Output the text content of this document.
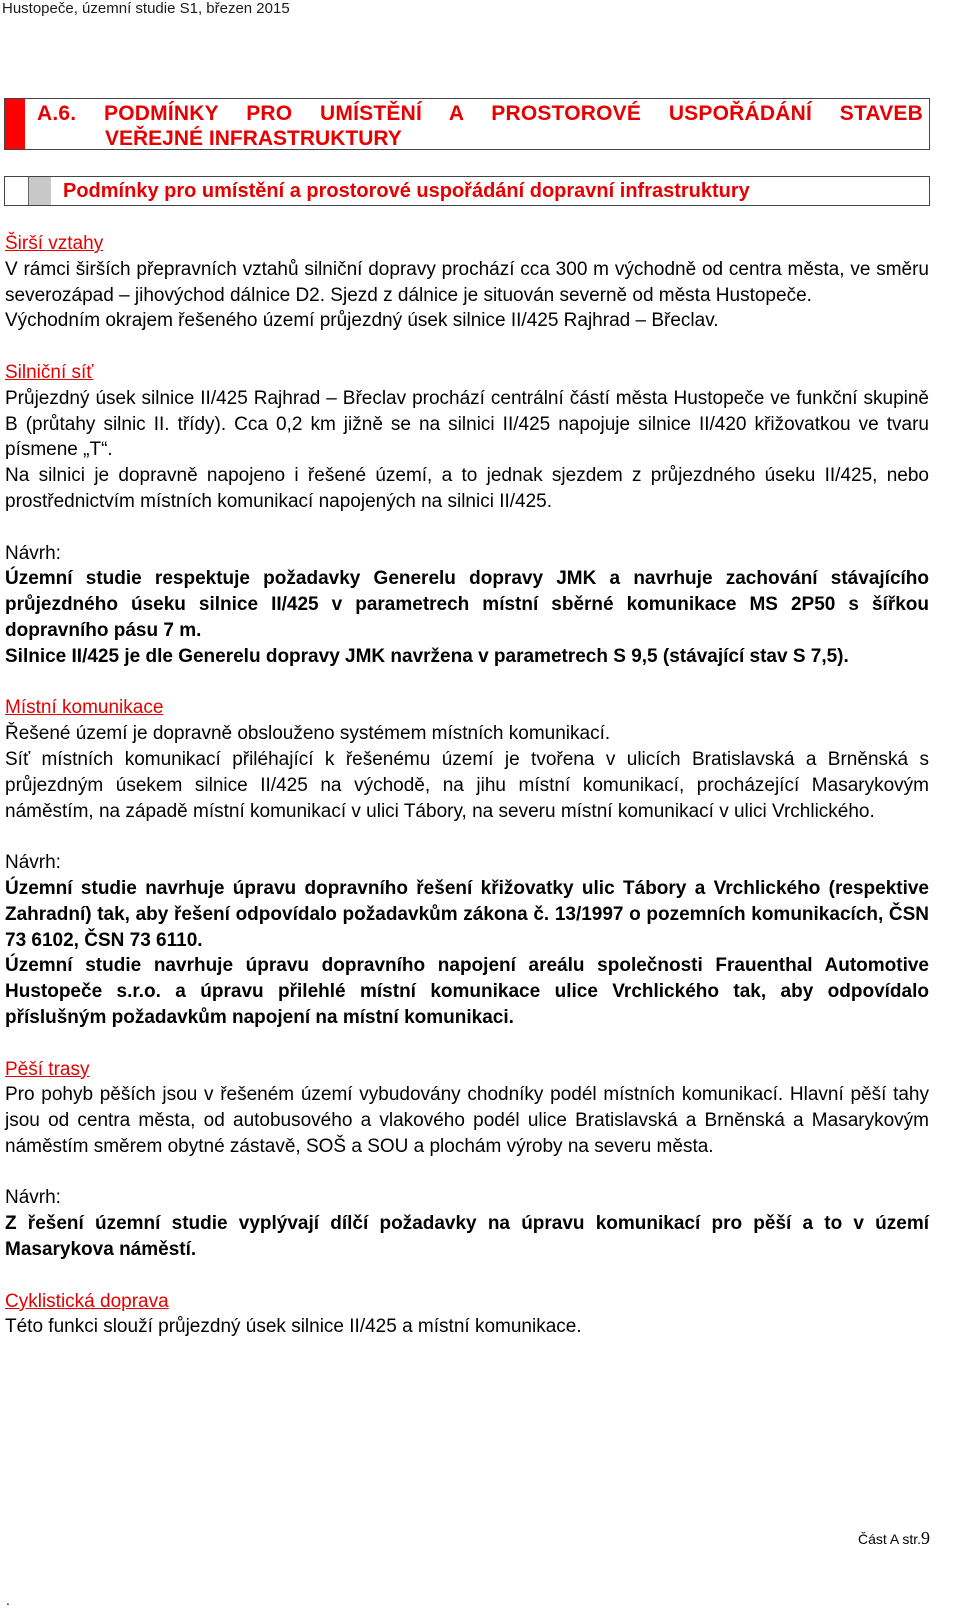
Hustopeče, územní studie S1, březen 2015
A.6. PODMÍNKY PRO UMÍSTĚNÍ A PROSTOROVÉ USPOŘÁDÁNÍ STAVEB
VEŘEJNÉ INFRASTRUKTURY
Podmínky pro umístění a prostorové uspořádání dopravní infrastruktury

Širší vztahy

V rámci širších přepravních vztahů silniční dopravy prochází cca 300 m východně od centra města, ve směru severozápad – jihovýchod dálnice D2. Sjezd z dálnice je situován severně od města Hustopeče.

Východním okrajem řešeného území průjezdný úsek silnice II/425 Rajhrad – Břeclav.

Silniční síť

Průjezdný úsek silnice II/425 Rajhrad – Břeclav prochází centrální částí města Hustopeče ve funkční skupině B (průtahy silnic II. třídy). Cca 0,2 km jižně se na silnici II/425 napojuje silnice II/420 křižovatkou ve tvaru písmene „T“.

Na silnici je dopravně napojeno i řešené území, a to jednak sjezdem z průjezdného úseku II/425, nebo prostřednictvím místních komunikací napojených na silnici II/425.

Návrh:

Územní studie respektuje požadavky Generelu dopravy JMK a navrhuje zachování stávajícího průjezdného úseku silnice II/425 v parametrech místní sběrné komunikace MS 2P50 s šířkou dopravního pásu 7 m.

Silnice II/425 je dle Generelu dopravy JMK navržena v parametrech S 9,5 (stávající stav S 7,5).

Místní komunikace

Řešené území je dopravně obslouženo systémem místních komunikací.

Síť místních komunikací přiléhající k řešenému území je tvořena v ulicích Bratislavská a Brněnská s průjezdným úsekem silnice II/425 na východě, na jihu místní komunikací, procházející Masarykovým náměstím, na západě místní komunikací v ulici Tábory, na severu místní komunikací v ulici Vrchlického.

Návrh:

Územní studie navrhuje úpravu dopravního řešení křižovatky ulic Tábory a Vrchlického (respektive Zahradní) tak, aby řešení odpovídalo požadavkům zákona č. 13/1997 o pozemních komunikacích, ČSN 73 6102, ČSN 73 6110.

Územní studie navrhuje úpravu dopravního napojení areálu společnosti Frauenthal Automotive Hustopeče s.r.o. a úpravu přilehlé místní komunikace ulice Vrchlického tak, aby odpovídalo příslušným požadavkům napojení na místní komunikaci.

Pěší trasy

Pro pohyb pěších jsou v řešeném území vybudovány chodníky podél místních komunikací. Hlavní pěší tahy jsou od centra města, od autobusového a vlakového podél ulice Bratislavská a Brněnská a Masarykovým náměstím směrem obytné zástavě, SOŠ a SOU a plochám výroby na severu města.

Návrh:

Z řešení územní studie vyplývají dílčí požadavky na úpravu komunikací pro pěší a to v území Masarykova náměstí.

Cyklistická doprava

Této funkci slouží průjezdný úsek silnice II/425 a místní komunikace.

Část A str.9
.
